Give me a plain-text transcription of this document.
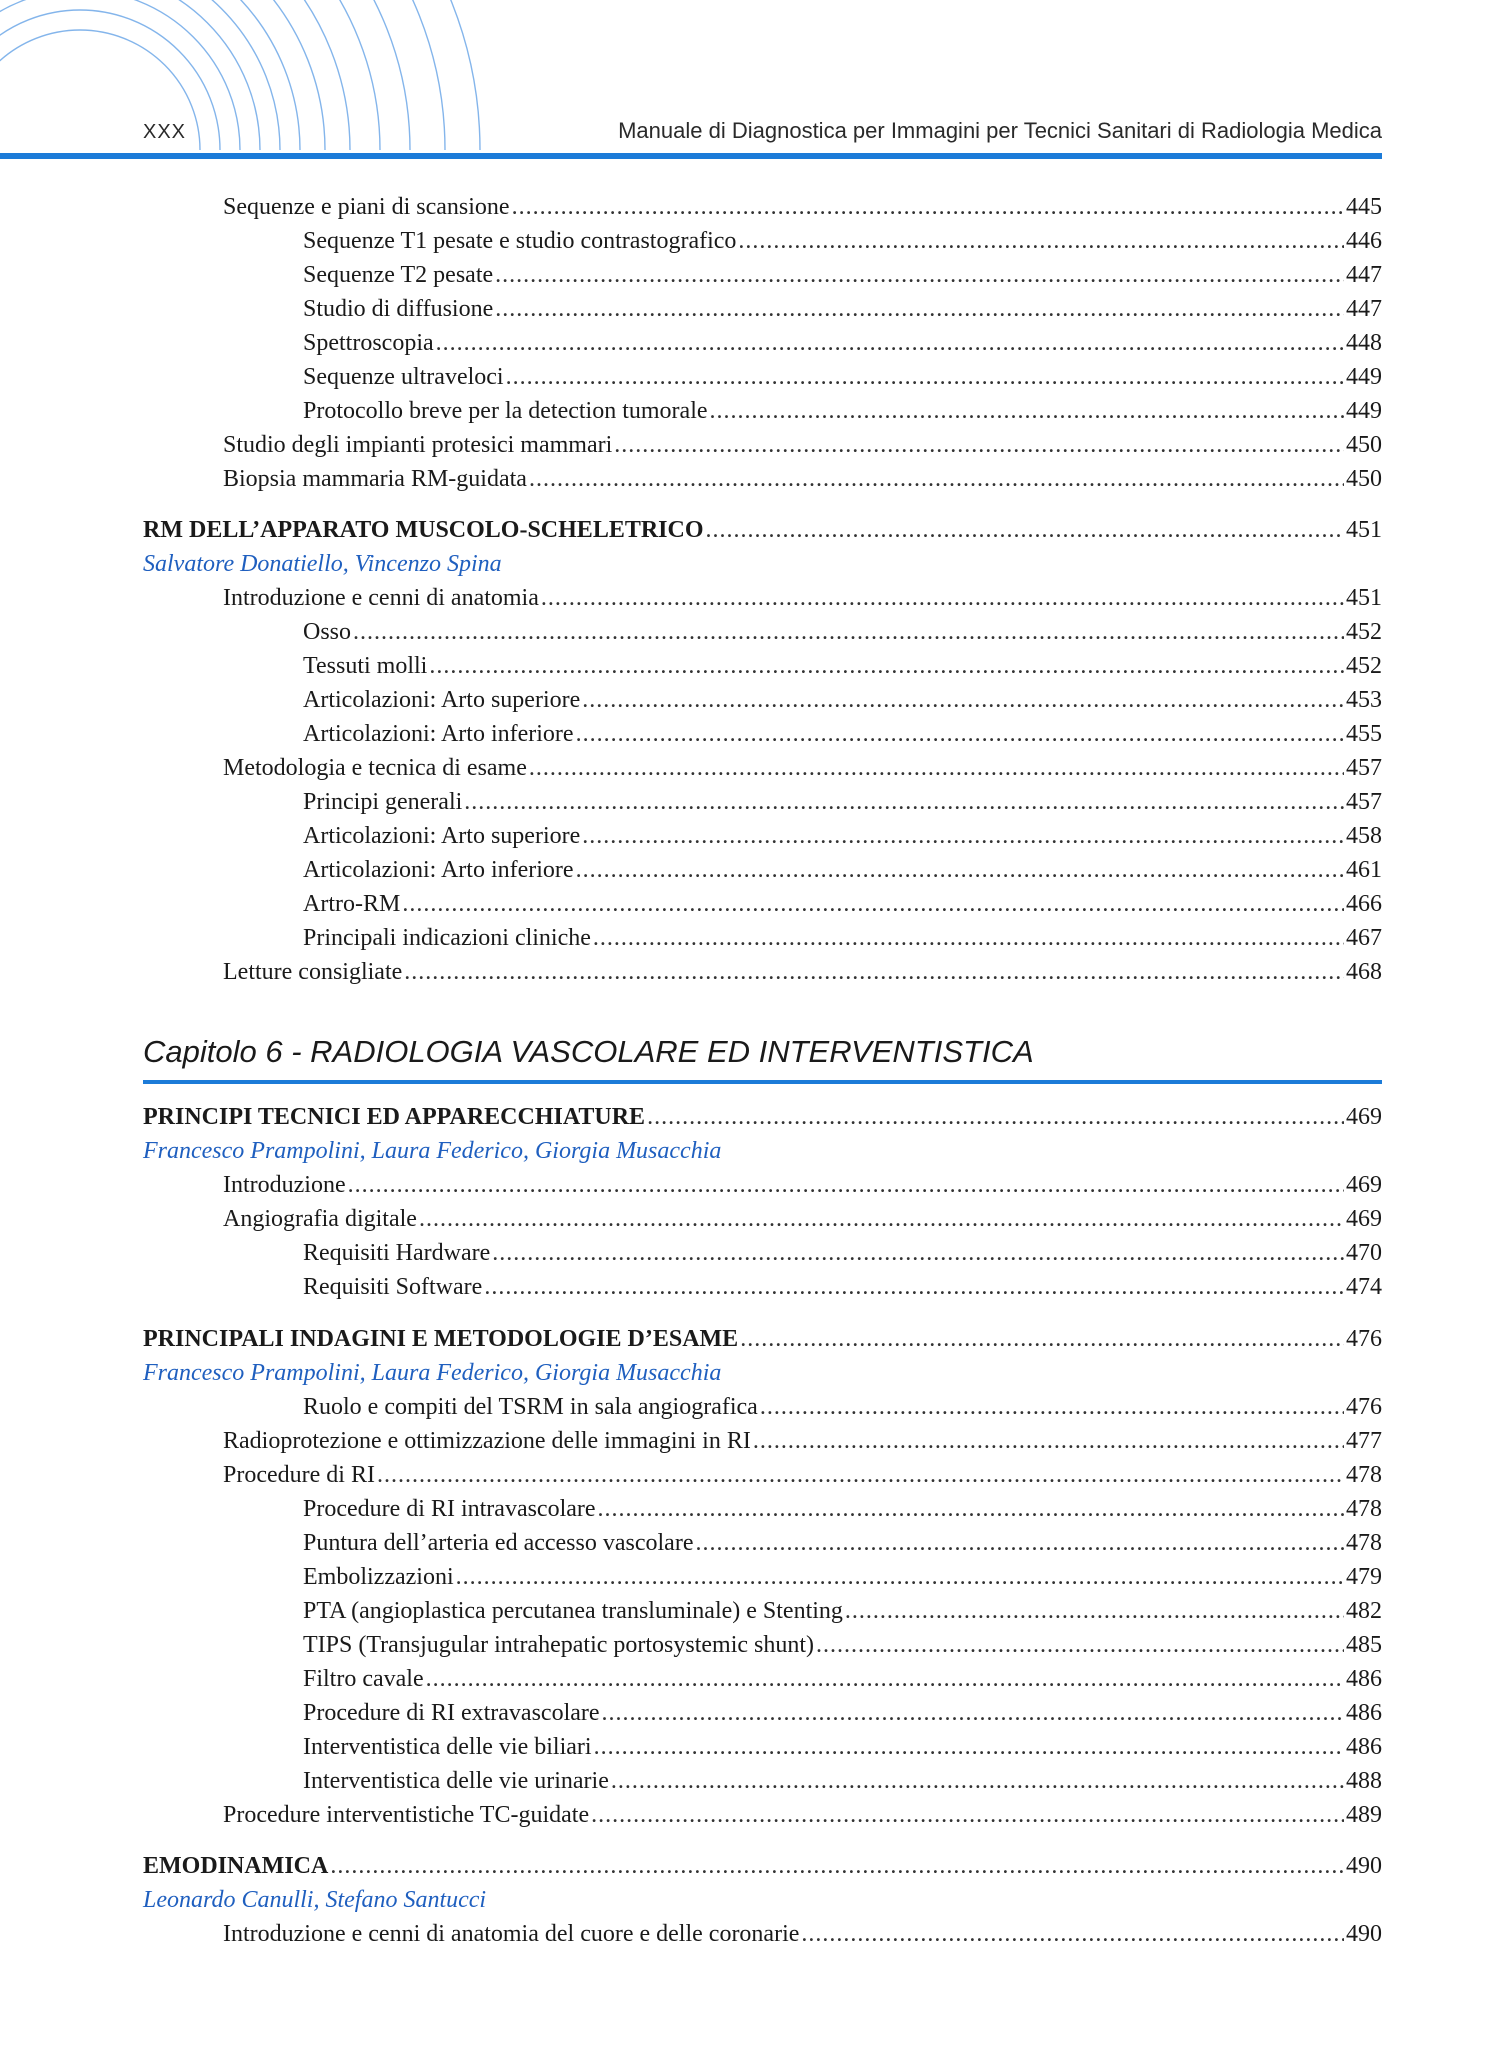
XXX	Manuale di Diagnostica per Immagini per Tecnici Sanitari di Radiologia Medica
Sequenze e piani di scansione .....	445
Sequenze T1 pesate e studio contrastografico .....	446
Sequenze T2 pesate .....	447
Studio di diffusione .....	447
Spettroscopia .....	448
Sequenze ultraveloci .....	449
Protocollo breve per la detection tumorale .....	449
Studio degli impianti protesici mammari .....	450
Biopsia mammaria RM-guidata .....	450
RM DELL’APPARATO MUSCOLO-SCHELETRICO .....	451
Salvatore Donatiello, Vincenzo Spina
Introduzione e cenni di anatomia .....	451
Osso .....	452
Tessuti molli .....	452
Articolazioni: Arto superiore .....	453
Articolazioni: Arto inferiore .....	455
Metodologia e tecnica di esame .....	457
Principi generali .....	457
Articolazioni: Arto superiore .....	458
Articolazioni: Arto inferiore .....	461
Artro-RM .....	466
Principali indicazioni cliniche .....	467
Letture consigliate .....	468
Capitolo 6 - RADIOLOGIA VASCOLARE ED INTERVENTISTICA
PRINCIPI TECNICI ED APPARECCHIATURE .....	469
Francesco Prampolini, Laura Federico, Giorgia Musacchia
Introduzione .....	469
Angiografia digitale .....	469
Requisiti Hardware .....	470
Requisiti Software .....	474
PRINCIPALI INDAGINI E METODOLOGIE D’ESAME .....	476
Francesco Prampolini, Laura Federico, Giorgia Musacchia
Ruolo e compiti del TSRM in sala angiografica .....	476
Radioprotezione e ottimizzazione delle immagini in RI .....	477
Procedure di RI .....	478
Procedure di RI intravascolare .....	478
Puntura dell’arteria ed accesso vascolare .....	478
Embolizzazioni .....	479
PTA (angioplastica percutanea transluminale) e Stenting .....	482
TIPS (Transjugular intrahepatic portosystemic shunt) .....	485
Filtro cavale .....	486
Procedure di RI extravascolare .....	486
Interventistica delle vie biliari .....	486
Interventistica delle vie urinarie .....	488
Procedure interventistiche TC-guidate .....	489
EMODINAMICA .....	490
Leonardo Canulli, Stefano Santucci
Introduzione e cenni di anatomia del cuore e delle coronarie .....	490
